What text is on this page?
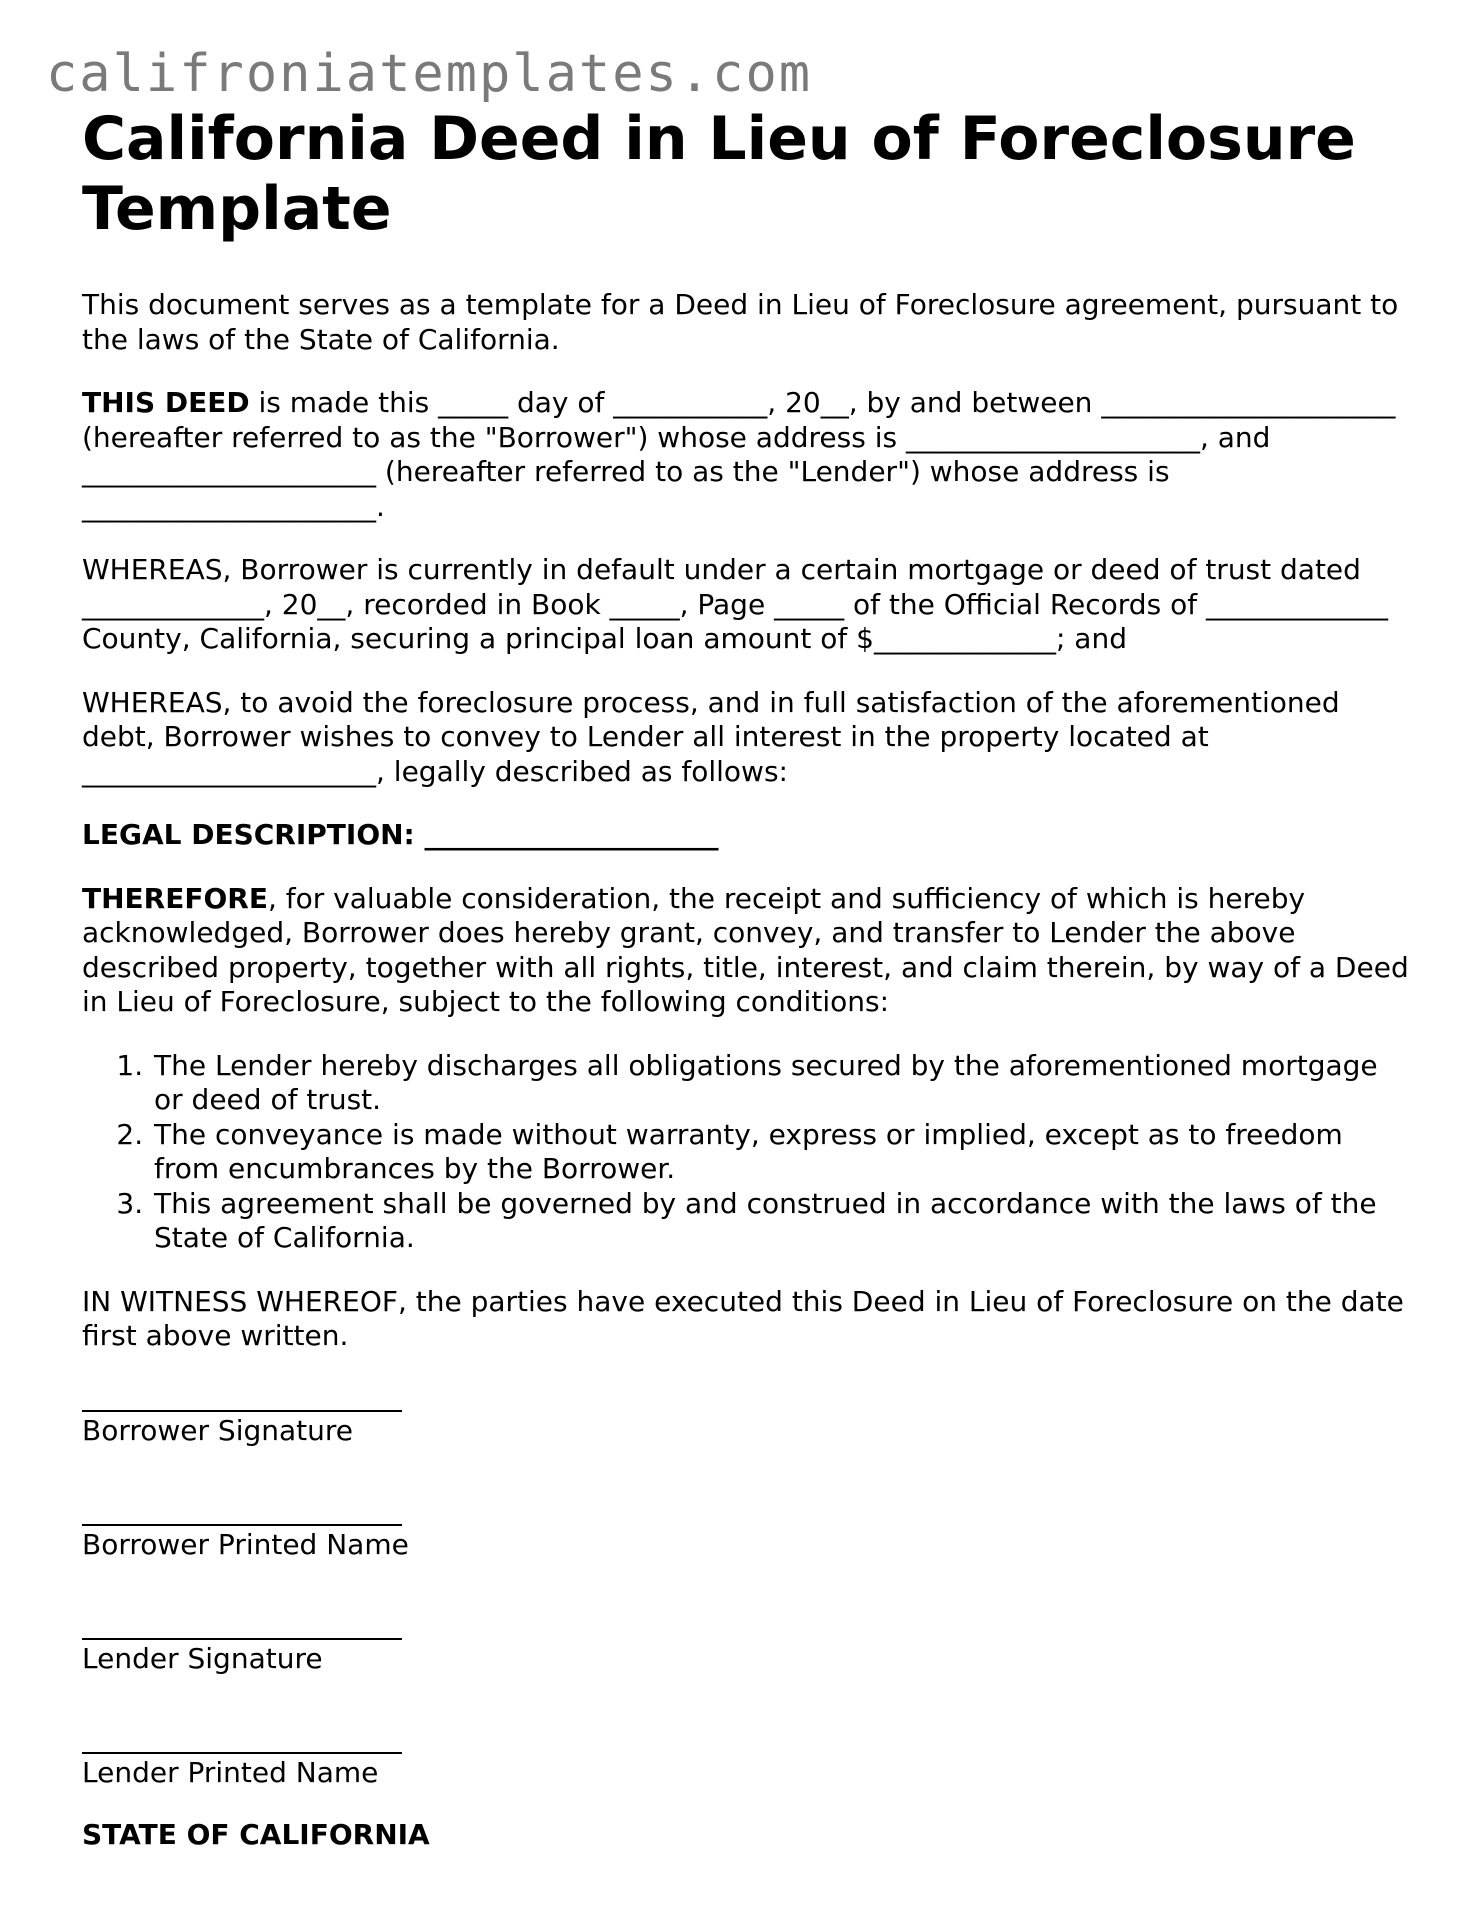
califroniatemplates.com
California Deed in Lieu of Foreclosure Template

This document serves as a template for a Deed in Lieu of Foreclosure agreement, pursuant to the laws of the State of California.

THIS DEED is made this _____ day of ___________, 20__, by and between _____________________ (hereafter referred to as the "Borrower") whose address is _____________________, and _____________________ (hereafter referred to as the "Lender") whose address is _____________________.

WHEREAS, Borrower is currently in default under a certain mortgage or deed of trust dated _____________, 20__, recorded in Book _____, Page _____ of the Official Records of _____________ County, California, securing a principal loan amount of $_____________; and

WHEREAS, to avoid the foreclosure process, and in full satisfaction of the aforementioned debt, Borrower wishes to convey to Lender all interest in the property located at _____________________, legally described as follows:

LEGAL DESCRIPTION: _____________________

THEREFORE, for valuable consideration, the receipt and sufficiency of which is hereby acknowledged, Borrower does hereby grant, convey, and transfer to Lender the above described property, together with all rights, title, interest, and claim therein, by way of a Deed in Lieu of Foreclosure, subject to the following conditions:

1. The Lender hereby discharges all obligations secured by the aforementioned mortgage or deed of trust.
2. The conveyance is made without warranty, express or implied, except as to freedom from encumbrances by the Borrower.
3. This agreement shall be governed by and construed in accordance with the laws of the State of California.

IN WITNESS WHEREOF, the parties have executed this Deed in Lieu of Foreclosure on the date first above written.

Borrower Signature
Borrower Printed Name
Lender Signature
Lender Printed Name

STATE OF CALIFORNIA
